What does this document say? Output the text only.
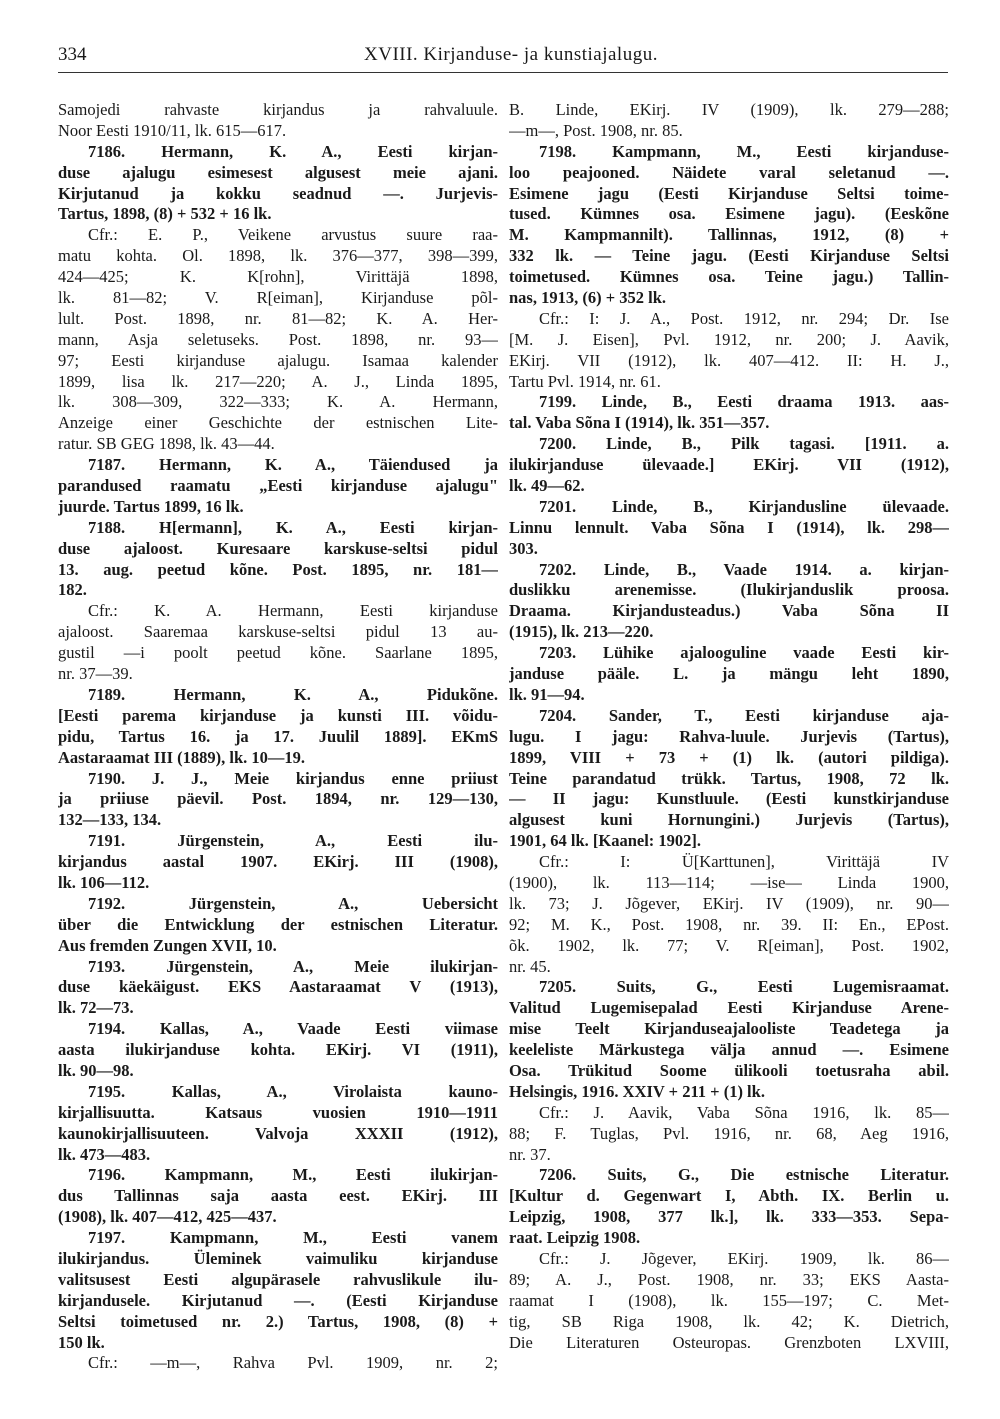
334	XVIII. Kirjanduse- ja kunstiajalugu.
Samojedi rahvaste kirjandus ja rahvaluule.
Noor Eesti 1910/11, lk. 615—617.
7186. Hermann, K. A., Eesti kirjan-
duse ajalugu esimesest algusest meie ajani.
Kirjutanud ja kokku seadnud —. Jurjevis-
Tartus, 1898, (8) + 532 + 16 lk.
Cfr.: E. P., Veikene arvustus suure raa-
matu kohta. Ol. 1898, lk. 376—377, 398—399,
424—425; K. K[rohn], Virittäjä 1898,
lk. 81—82; V. R[eiman], Kirjanduse põl-
lult. Post. 1898, nr. 81—82; K. A. Her-
mann, Asja seletuseks. Post. 1898, nr. 93—
97; Eesti kirjanduse ajalugu. Isamaa kalender
1899, lisa lk. 217—220; A. J., Linda 1895,
lk. 308—309, 322—333; K. A. Hermann,
Anzeige einer Geschichte der estnischen Lite-
ratur. SB GEG 1898, lk. 43—44.
7187. Hermann, K. A., Täiendused ja
parandused raamatu „Eesti kirjanduse ajalugu"
juurde. Tartus 1899, 16 lk.
7188. H[ermann], K. A., Eesti kirjan-
duse ajaloost. Kuresaare karskuse-seltsi pidul
13. aug. peetud kõne. Post. 1895, nr. 181—
182.
Cfr.: K. A. Hermann, Eesti kirjanduse
ajaloost. Saaremaa karskuse-seltsi pidul 13 au-
gustil —i poolt peetud kõne. Saarlane 1895,
nr. 37—39.
7189. Hermann, K. A., Pidukõne.
[Eesti parema kirjanduse ja kunsti III. võidu-
pidu, Tartus 16. ja 17. Juulil 1889]. EKmS
Aastaraamat III (1889), lk. 10—19.
7190. J. J., Meie kirjandus enne priiust
ja priiuse päevil. Post. 1894, nr. 129—130,
132—133, 134.
7191. Jürgenstein, A., Eesti ilu-
kirjandus aastal 1907. EKirj. III (1908),
lk. 106—112.
7192. Jürgenstein, A., Uebersicht
über die Entwicklung der estnischen Literatur.
Aus fremden Zungen XVII, 10.
7193. Jürgenstein, A., Meie ilukirjan-
duse käekäigust. EKS Aastaraamat V (1913),
lk. 72—73.
7194. Kallas, A., Vaade Eesti viimase
aasta ilukirjanduse kohta. EKirj. VI (1911),
lk. 90—98.
7195. Kallas, A., Virolaista kauno-
kirjallisuutta. Katsaus vuosien 1910—1911
kaunokirjallisuuteen. Valvoja XXXII (1912),
lk. 473—483.
7196. Kampmann, M., Eesti ilukirjan-
dus Tallinnas saja aasta eest. EKirj. III
(1908), lk. 407—412, 425—437.
7197. Kampmann, M., Eesti vanem
ilukirjandus. Üleminek vaimuliku kirjanduse
valitsusest Eesti algupärasele rahvuslikule ilu-
kirjandusele. Kirjutanud —. (Eesti Kirjanduse
Seltsi toimetused nr. 2.) Tartus, 1908, (8) +
150 lk.
Cfr.: —m—, Rahva Pvl. 1909, nr. 2;
B. Linde, EKirj. IV (1909), lk. 279—288;
—m—, Post. 1908, nr. 85.
7198. Kampmann, M., Eesti kirjanduse-
loo peajooned. Näidete varal seletanud —.
Esimene jagu (Eesti Kirjanduse Seltsi toime-
tused. Kümnes osa. Esimene jagu). (Eeskõne
M. Kampmannilt). Tallinnas, 1912, (8) +
332 lk. — Teine jagu. (Eesti Kirjanduse Seltsi
toimetused. Kümnes osa. Teine jagu.) Tallin-
nas, 1913, (6) + 352 lk.
Cfr.: I: J. A., Post. 1912, nr. 294; Dr. Ise
[M. J. Eisen], Pvl. 1912, nr. 200; J. Aavik,
EKirj. VII (1912), lk. 407—412. II: H. J.,
Tartu Pvl. 1914, nr. 61.
7199. Linde, B., Eesti draama 1913. aas-
tal. Vaba Sõna I (1914), lk. 351—357.
7200. Linde, B., Pilk tagasi. [1911. a.
ilukirjanduse ülevaade.] EKirj. VII (1912),
lk. 49—62.
7201. Linde, B., Kirjandusline ülevaade.
Linnu lennult. Vaba Sõna I (1914), lk. 298—
303.
7202. Linde, B., Vaade 1914. a. kirjan-
duslikku arenemisse. (Ilukirjanduslik proosa.
Draama. Kirjandusteadus.) Vaba Sõna II
(1915), lk. 213—220.
7203. Lühike ajalooguline vaade Eesti kir-
janduse pääle. L. ja mängu leht 1890,
lk. 91—94.
7204. Sander, T., Eesti kirjanduse aja-
lugu. I jagu: Rahva-luule. Jurjevis (Tartus),
1899, VIII + 73 + (1) lk. (autori pildiga).
Teine parandatud trükk. Tartus, 1908, 72 lk.
— II jagu: Kunstluule. (Eesti kunstkirjanduse
algusest kuni Hornungini.) Jurjevis (Tartus),
1901, 64 lk. [Kaanel: 1902].
Cfr.: I: Ü[Karttunen], Virittäjä IV
(1900), lk. 113—114; —ise— Linda 1900,
lk. 73; J. Jõgever, EKirj. IV (1909), nr. 90—
92; M. K., Post. 1908, nr. 39. II: En., EPost.
õk. 1902, lk. 77; V. R[eiman], Post. 1902,
nr. 45.
7205. Suits, G., Eesti Lugemisraamat.
Valitud Lugemisepalad Eesti Kirjanduse Arene-
mise Teelt Kirjanduseajalooliste Teadetega ja
keeleliste Märkustega välja annud —. Esimene
Osa. Trükitud Soome ülikooli toetusraha abil.
Helsingis, 1916. XXIV + 211 + (1) lk.
Cfr.: J. Aavik, Vaba Sõna 1916, lk. 85—
88; F. Tuglas, Pvl. 1916, nr. 68, Aeg 1916,
nr. 37.
7206. Suits, G., Die estnische Literatur.
[Kultur d. Gegenwart I, Abth. IX. Berlin u.
Leipzig, 1908, 377 lk.], lk. 333—353. Sepa-
raat. Leipzig 1908.
Cfr.: J. Jõgever, EKirj. 1909, lk. 86—
89; A. J., Post. 1908, nr. 33; EKS Aasta-
raamat I (1908), lk. 155—197; C. Met-
tig, SB Riga 1908, lk. 42; K. Dietrich,
Die Literaturen Osteuropas. Grenzboten LXVIII,
